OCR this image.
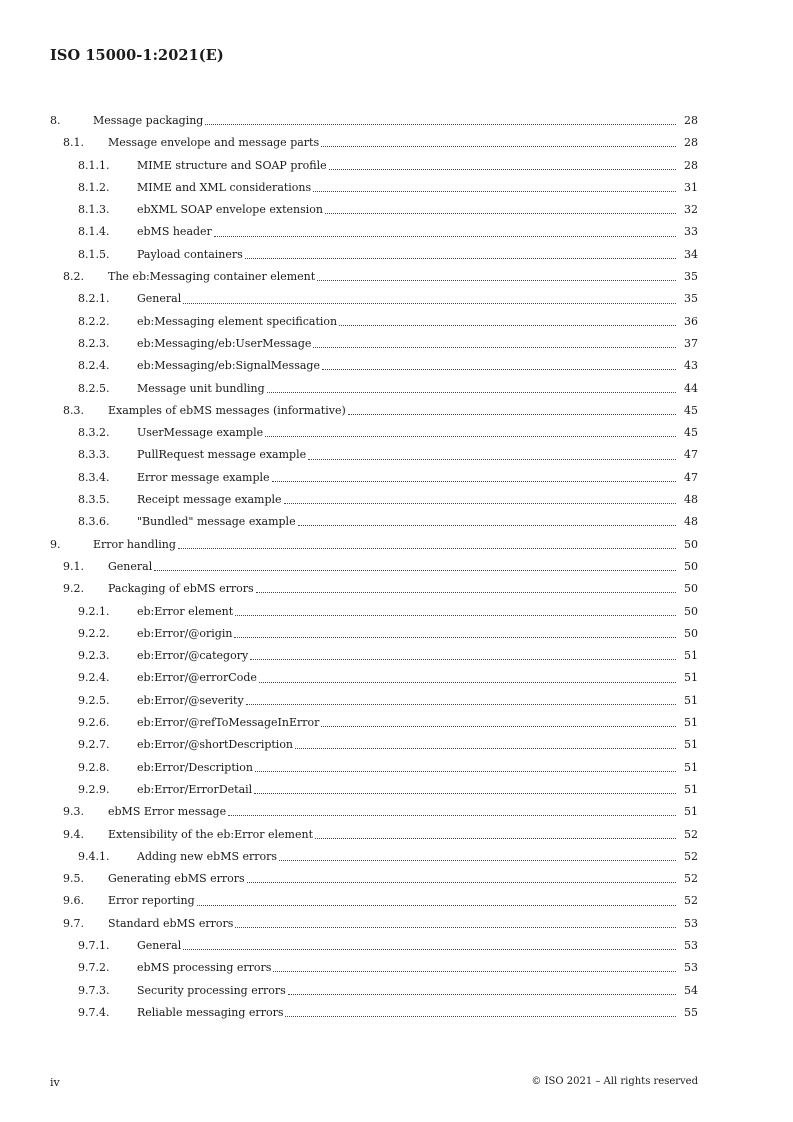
ISO 15000-1:2021(E)
8.	Message packaging	28
8.1. Message envelope and message parts	28
8.1.1.	MIME structure and SOAP profile	28
8.1.2.	MIME and XML considerations	31
8.1.3.	ebXML SOAP envelope extension	32
8.1.4.	ebMS header	33
8.1.5.	Payload containers	34
8.2. The eb:Messaging container element	35
8.2.1.	General	35
8.2.2.	eb:Messaging element specification	36
8.2.3.	eb:Messaging/eb:UserMessage	37
8.2.4.	eb:Messaging/eb:SignalMessage	43
8.2.5.	Message unit bundling	44
8.3. Examples of ebMS messages (informative)	45
8.3.2.	UserMessage example	45
8.3.3.	PullRequest message example	47
8.3.4.	Error message example	47
8.3.5.	Receipt message example	48
8.3.6.	"Bundled" message example	48
9.	Error handling	50
9.1. General	50
9.2. Packaging of ebMS errors	50
9.2.1.	eb:Error element	50
9.2.2.	eb:Error/@origin	50
9.2.3.	eb:Error/@category	51
9.2.4.	eb:Error/@errorCode	51
9.2.5.	eb:Error/@severity	51
9.2.6.	eb:Error/@refToMessageInError	51
9.2.7.	eb:Error/@shortDescription	51
9.2.8.	eb:Error/Description	51
9.2.9.	eb:Error/ErrorDetail	51
9.3. ebMS Error message	51
9.4. Extensibility of the eb:Error element	52
9.4.1.	Adding new ebMS errors	52
9.5. Generating ebMS errors	52
9.6. Error reporting	52
9.7. Standard ebMS errors	53
9.7.1.	General	53
9.7.2.	ebMS processing errors	53
9.7.3.	Security processing errors	54
9.7.4.	Reliable messaging errors	55
iv	© ISO 2021 – All rights reserved
